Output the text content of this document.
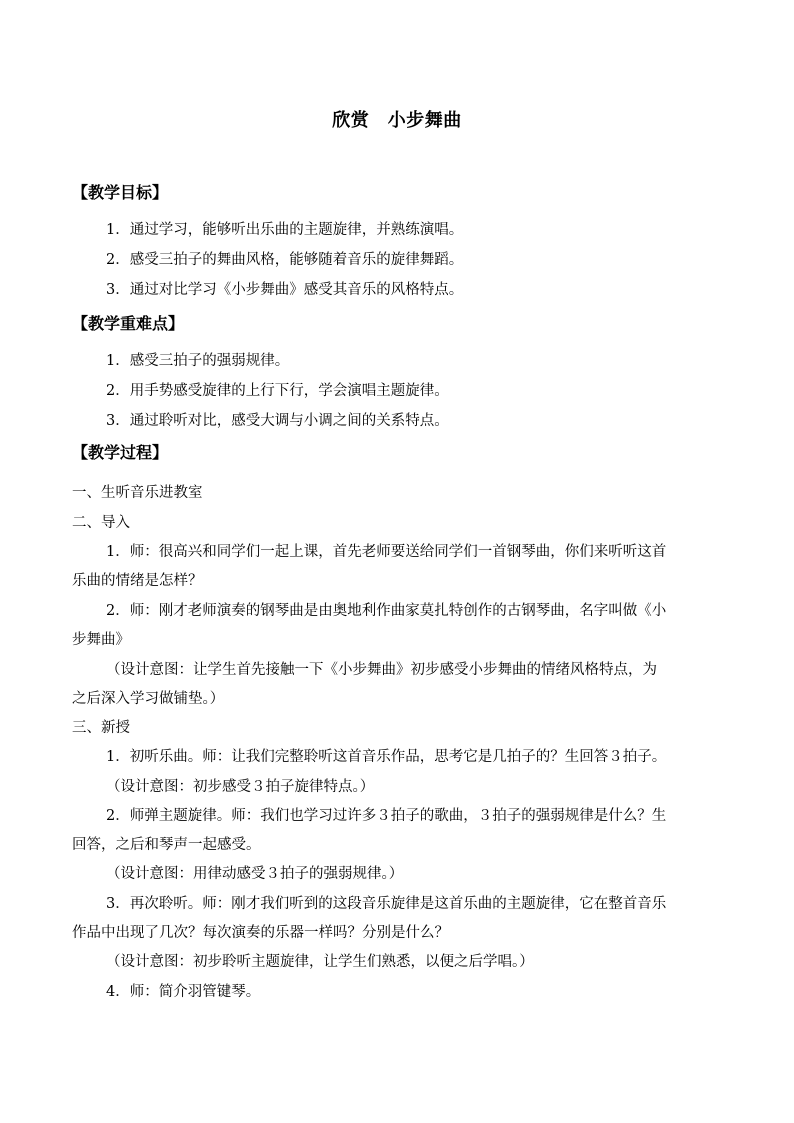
欣赏　小步舞曲
【教学目标】
1．通过学习，能够听出乐曲的主题旋律，并熟练演唱。
2．感受三拍子的舞曲风格，能够随着音乐的旋律舞蹈。
3．通过对比学习《小步舞曲》感受其音乐的风格特点。
【教学重难点】
1．感受三拍子的强弱规律。
2．用手势感受旋律的上行下行，学会演唱主题旋律。
3．通过聆听对比，感受大调与小调之间的关系特点。
【教学过程】
一、生听音乐进教室
二、导入
1．师：很高兴和同学们一起上课，首先老师要送给同学们一首钢琴曲，你们来听听这首
乐曲的情绪是怎样？
2．师：刚才老师演奏的钢琴曲是由奥地利作曲家莫扎特创作的古钢琴曲，名字叫做《小
步舞曲》
（设计意图：让学生首先接触一下《小步舞曲》初步感受小步舞曲的情绪风格特点，为
之后深入学习做铺垫。）
三、新授
1．初听乐曲。师：让我们完整聆听这首音乐作品，思考它是几拍子的？生回答３拍子。
（设计意图：初步感受３拍子旋律特点。）
2．师弹主题旋律。师：我们也学习过许多３拍子的歌曲，３拍子的强弱规律是什么？生
回答，之后和琴声一起感受。
（设计意图：用律动感受３拍子的强弱规律。）
3．再次聆听。师：刚才我们听到的这段音乐旋律是这首乐曲的主题旋律，它在整首音乐
作品中出现了几次？每次演奏的乐器一样吗？分别是什么？
（设计意图：初步聆听主题旋律，让学生们熟悉，以便之后学唱。）
4．师：简介羽管键琴。
